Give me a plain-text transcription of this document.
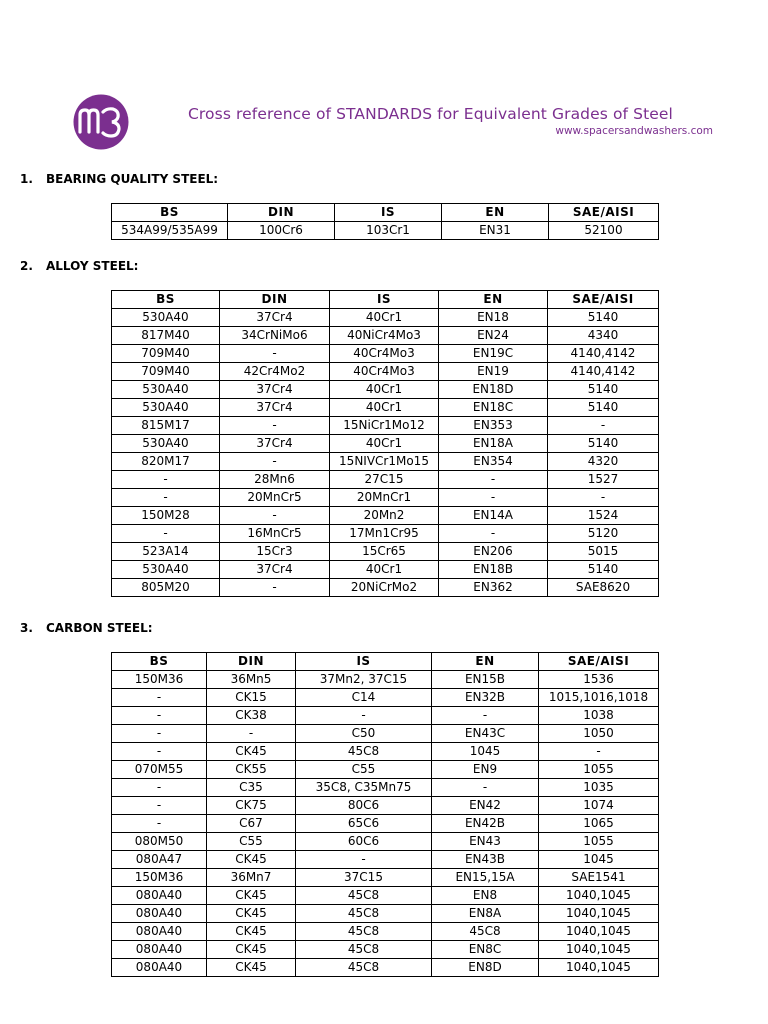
Cross reference of STANDARDS for Equivalent Grades of Steel
www.spacersandwashers.com
1. BEARING QUALITY STEEL:
BS	DIN	IS	EN	SAE/AISI
534A99/535A99	100Cr6	103Cr1	EN31	52100
2. ALLOY STEEL:
BS	DIN	IS	EN	SAE/AISI
530A40	37Cr4	40Cr1	EN18	5140
817M40	34CrNiMo6	40NiCr4Mo3	EN24	4340
709M40	-	40Cr4Mo3	EN19C	4140,4142
709M40	42Cr4Mo2	40Cr4Mo3	EN19	4140,4142
530A40	37Cr4	40Cr1	EN18D	5140
530A40	37Cr4	40Cr1	EN18C	5140
815M17	-	15NiCr1Mo12	EN353	-
530A40	37Cr4	40Cr1	EN18A	5140
820M17	-	15NIVCr1Mo15	EN354	4320
-	28Mn6	27C15	-	1527
-	20MnCr5	20MnCr1	-	-
150M28	-	20Mn2	EN14A	1524
-	16MnCr5	17Mn1Cr95	-	5120
523A14	15Cr3	15Cr65	EN206	5015
530A40	37Cr4	40Cr1	EN18B	5140
805M20	-	20NiCrMo2	EN362	SAE8620
3. CARBON STEEL:
BS	DIN	IS	EN	SAE/AISI
150M36	36Mn5	37Mn2, 37C15	EN15B	1536
-	CK15	C14	EN32B	1015,1016,1018
-	CK38	-	-	1038
-	-	C50	EN43C	1050
-	CK45	45C8	1045	-
070M55	CK55	C55	EN9	1055
-	C35	35C8, C35Mn75	-	1035
-	CK75	80C6	EN42	1074
-	C67	65C6	EN42B	1065
080M50	C55	60C6	EN43	1055
080A47	CK45	-	EN43B	1045
150M36	36Mn7	37C15	EN15,15A	SAE1541
080A40	CK45	45C8	EN8	1040,1045
080A40	CK45	45C8	EN8A	1040,1045
080A40	CK45	45C8	45C8	1040,1045
080A40	CK45	45C8	EN8C	1040,1045
080A40	CK45	45C8	EN8D	1040,1045
